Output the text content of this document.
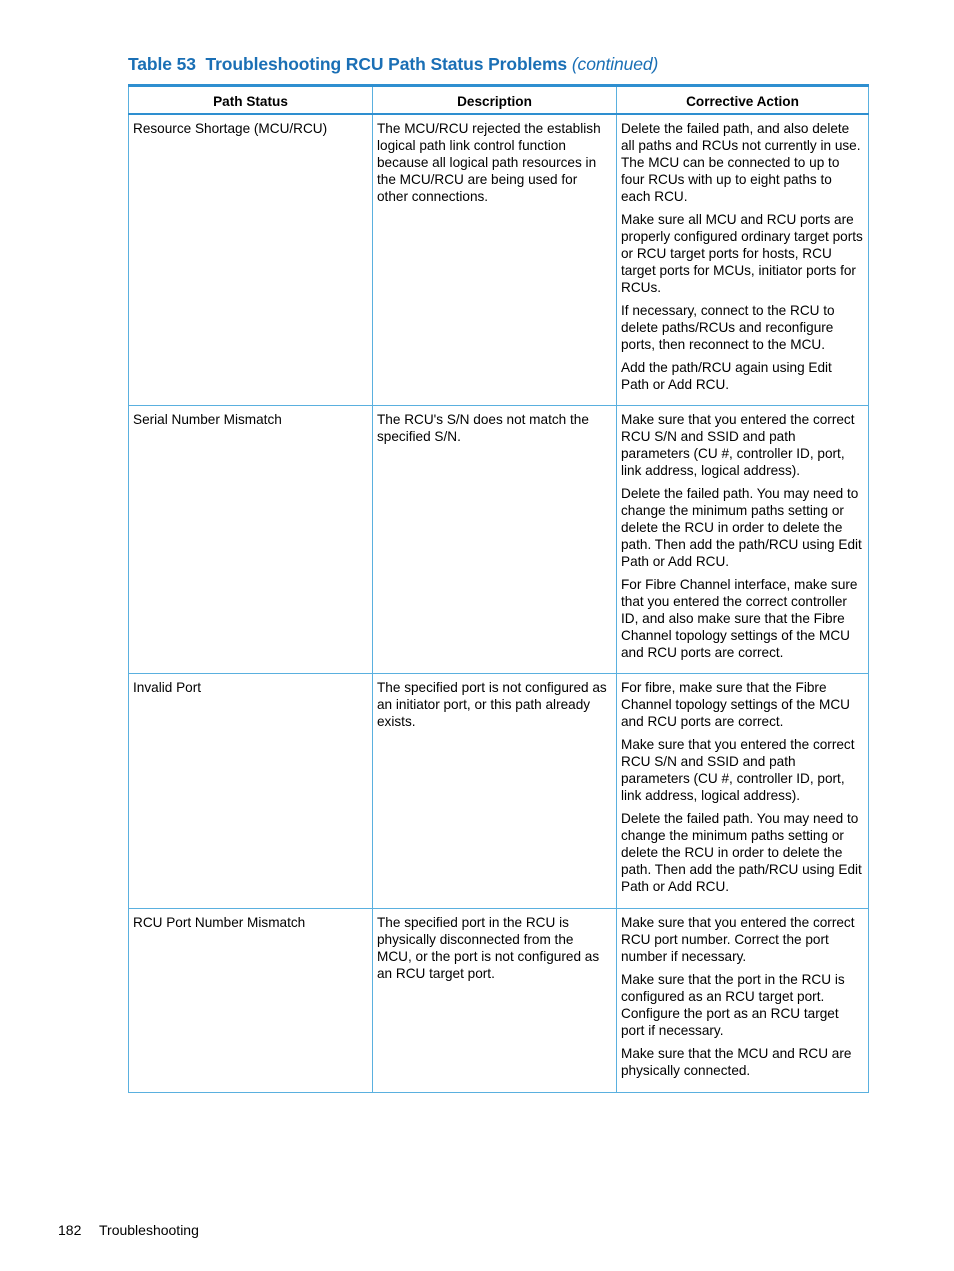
Table 53 Troubleshooting RCU Path Status Problems (continued)
Path Status	Description	Corrective Action
Resource Shortage (MCU/RCU)	The MCU/RCU rejected the establish logical path link control function because all logical path resources in the MCU/RCU are being used for other connections.	Delete the failed path, and also delete all paths and RCUs not currently in use. The MCU can be connected to up to four RCUs with up to eight paths to each RCU.

Make sure all MCU and RCU ports are properly configured ordinary target ports or RCU target ports for hosts, RCU target ports for MCUs, initiator ports for RCUs.

If necessary, connect to the RCU to delete paths/RCUs and reconfigure ports, then reconnect to the MCU.

Add the path/RCU again using Edit Path or Add RCU.

Serial Number Mismatch	The RCU's S/N does not match the specified S/N.	Make sure that you entered the correct RCU S/N and SSID and path parameters (CU #, controller ID, port, link address, logical address).

Delete the failed path. You may need to change the minimum paths setting or delete the RCU in order to delete the path. Then add the path/RCU using Edit Path or Add RCU.

For Fibre Channel interface, make sure that you entered the correct controller ID, and also make sure that the Fibre Channel topology settings of the MCU and RCU ports are correct.

Invalid Port	The specified port is not configured as an initiator port, or this path already exists.	For fibre, make sure that the Fibre Channel topology settings of the MCU and RCU ports are correct.

Make sure that you entered the correct RCU S/N and SSID and path parameters (CU #, controller ID, port, link address, logical address).

Delete the failed path. You may need to change the minimum paths setting or delete the RCU in order to delete the path. Then add the path/RCU using Edit Path or Add RCU.

RCU Port Number Mismatch	The specified port in the RCU is physically disconnected from the MCU, or the port is not configured as an RCU target port.	Make sure that you entered the correct RCU port number. Correct the port number if necessary.

Make sure that the port in the RCU is configured as an RCU target port. Configure the port as an RCU target port if necessary.

Make sure that the MCU and RCU are physically connected.

182 Troubleshooting
